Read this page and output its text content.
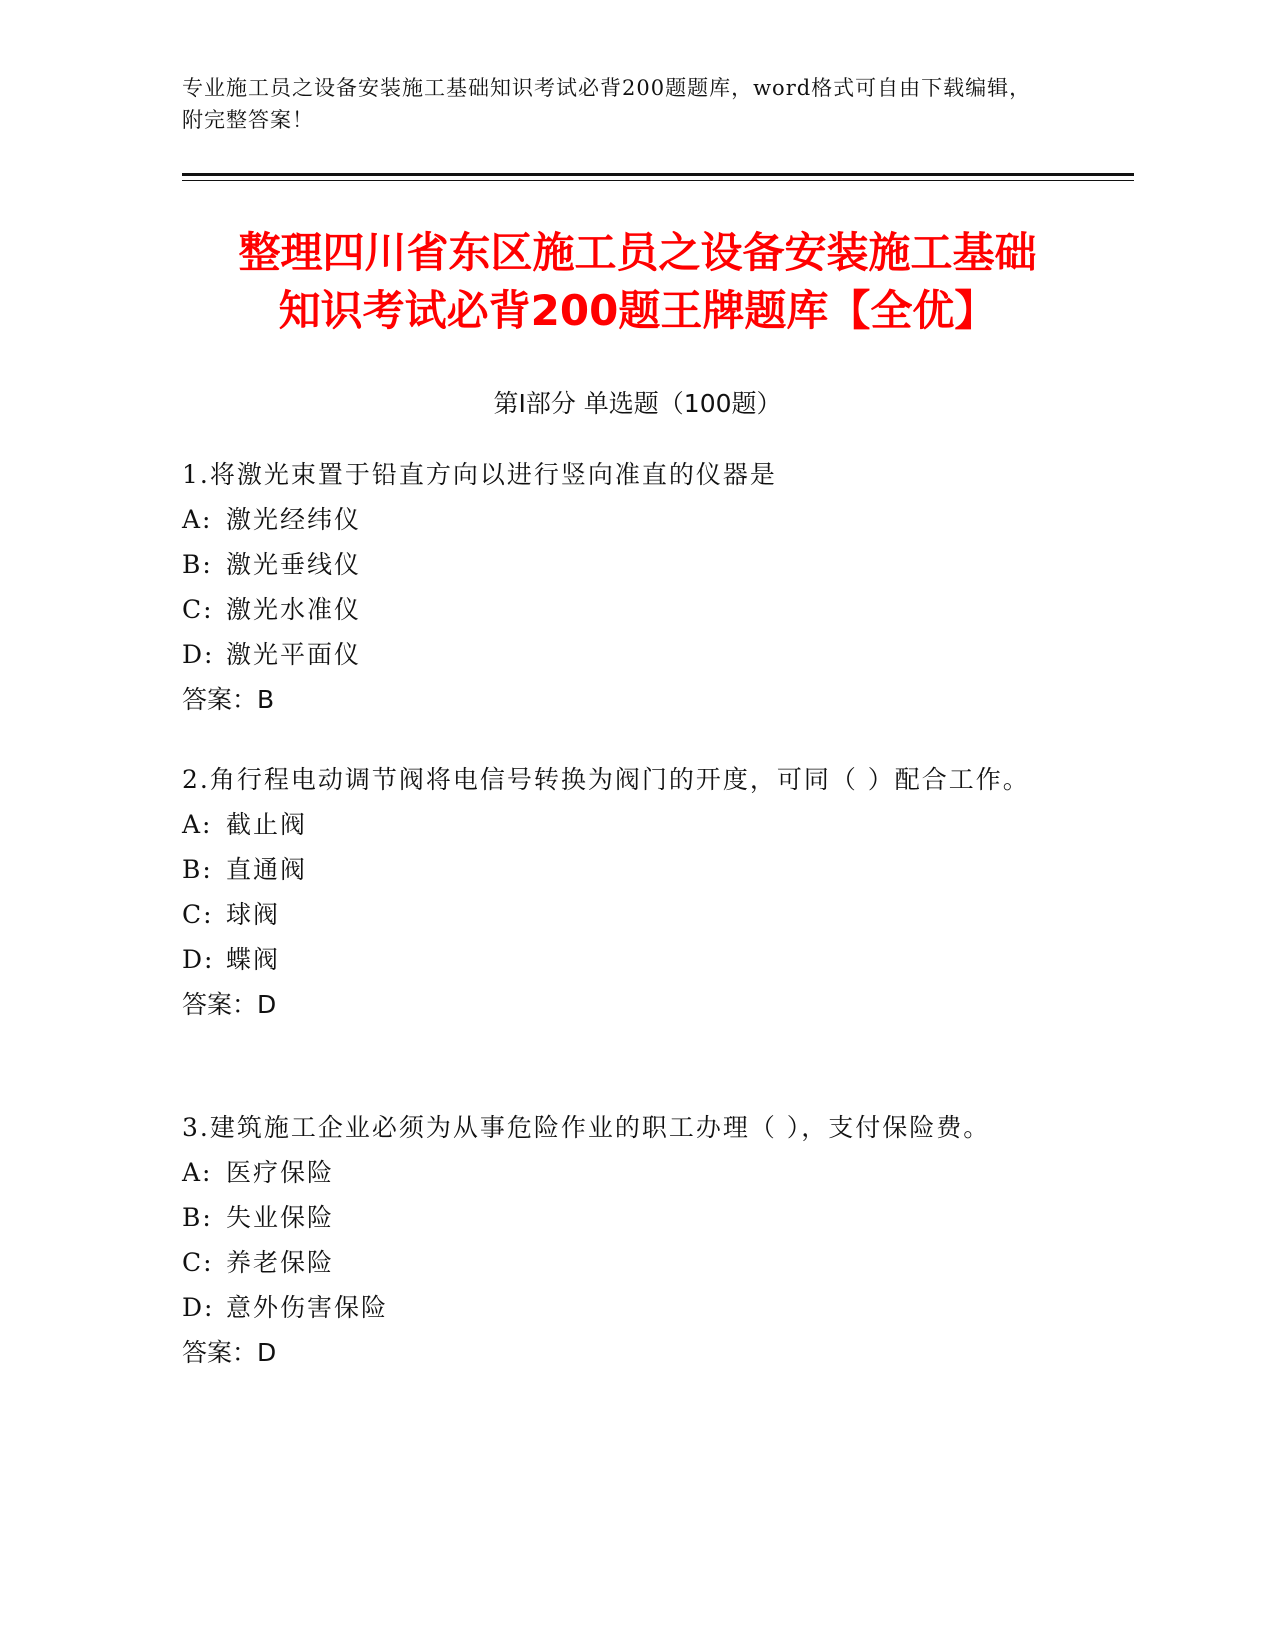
专业施工员之设备安装施工基础知识考试必背200题题库，word格式可自由下载编辑，附完整答案！
整理四川省东区施工员之设备安装施工基础
知识考试必背200题王牌题库【全优】
第I部分 单选题（100题）
1.将激光束置于铅直方向以进行竖向准直的仪器是
A: 激光经纬仪
B: 激光垂线仪
C: 激光水准仪
D: 激光平面仪
答案：B
2.角行程电动调节阀将电信号转换为阀门的开度，可同（ ）配合工作。
A: 截止阀
B: 直通阀
C: 球阀
D: 蝶阀
答案：D
3.建筑施工企业必须为从事危险作业的职工办理（ ），支付保险费。
A: 医疗保险
B: 失业保险
C: 养老保险
D: 意外伤害保险
答案：D
